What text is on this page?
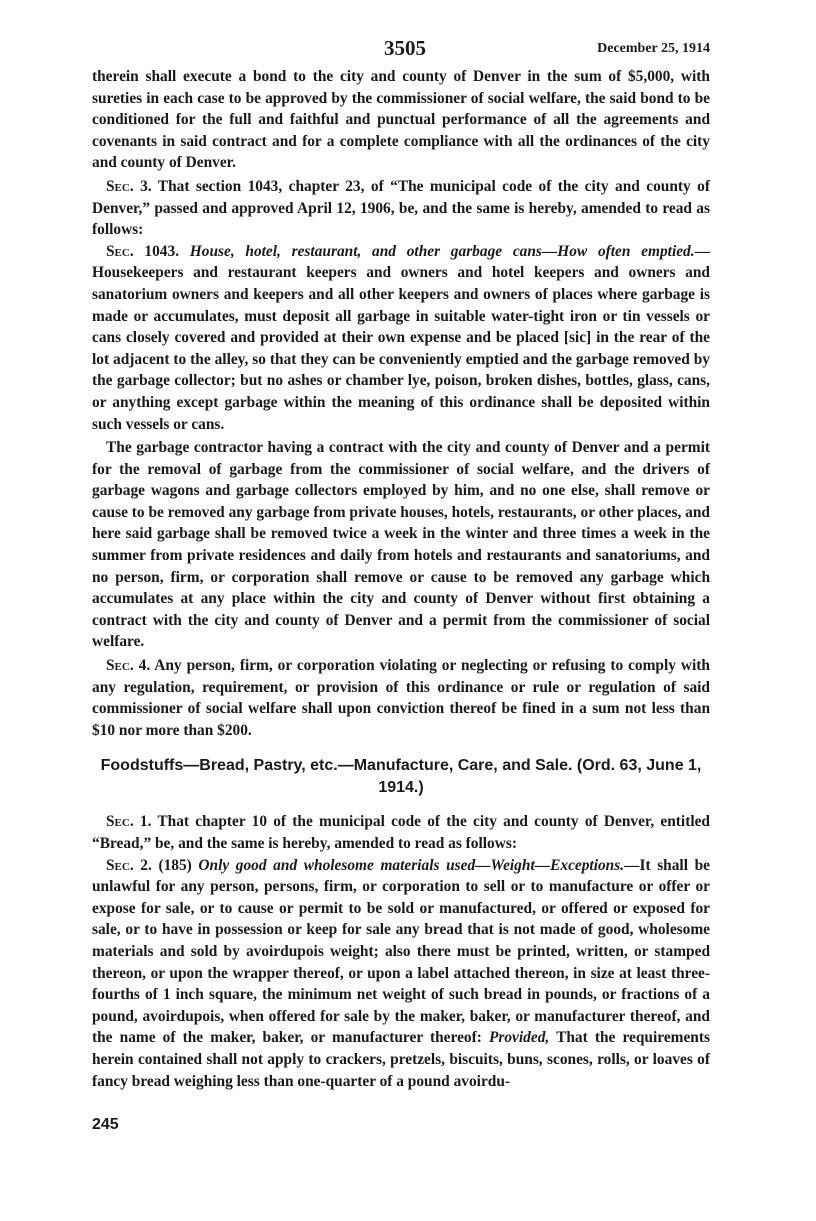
3505	December 25, 1914

therein shall execute a bond to the city and county of Denver in the sum of $5,000, with sureties in each case to be approved by the commissioner of social welfare, the said bond to be conditioned for the full and faithful and punctual performance of all the agreements and covenants in said contract and for a complete compliance with all the ordinances of the city and county of Denver.

Sec. 3. That section 1043, chapter 23, of “The municipal code of the city and county of Denver,” passed and approved April 12, 1906, be, and the same is hereby, amended to read as follows:

Sec. 1043. House, hotel, restaurant, and other garbage cans—How often emptied.—Housekeepers and restaurant keepers and owners and hotel keepers and owners and sanatorium owners and keepers and all other keepers and owners of places where garbage is made or accumulates, must deposit all garbage in suitable water-tight iron or tin vessels or cans closely covered and provided at their own expense and be placed [sic] in the rear of the lot adjacent to the alley, so that they can be conveniently emptied and the garbage removed by the garbage collector; but no ashes or chamber lye, poison, broken dishes, bottles, glass, cans, or anything except garbage within the meaning of this ordinance shall be deposited within such vessels or cans.

The garbage contractor having a contract with the city and county of Denver and a permit for the removal of garbage from the commissioner of social welfare, and the drivers of garbage wagons and garbage collectors employed by him, and no one else, shall remove or cause to be removed any garbage from private houses, hotels, restaurants, or other places, and here said garbage shall be removed twice a week in the winter and three times a week in the summer from private residences and daily from hotels and restaurants and sanatoriums, and no person, firm, or corporation shall remove or cause to be removed any garbage which accumulates at any place within the city and county of Denver without first obtaining a contract with the city and county of Denver and a permit from the commissioner of social welfare.

Sec. 4. Any person, firm, or corporation violating or neglecting or refusing to comply with any regulation, requirement, or provision of this ordinance or rule or regulation of said commissioner of social welfare shall upon conviction thereof be fined in a sum not less than $10 nor more than $200.

Foodstuffs—Bread, Pastry, etc.—Manufacture, Care, and Sale. (Ord. 63, June 1, 1914.)

Sec. 1. That chapter 10 of the municipal code of the city and county of Denver, entitled “Bread,” be, and the same is hereby, amended to read as follows:

Sec. 2. (185) Only good and wholesome materials used—Weight—Exceptions.—It shall be unlawful for any person, persons, firm, or corporation to sell or to manufacture or offer or expose for sale, or to cause or permit to be sold or manufactured, or offered or exposed for sale, or to have in possession or keep for sale any bread that is not made of good, wholesome materials and sold by avoirdupois weight; also there must be printed, written, or stamped thereon, or upon the wrapper thereof, or upon a label attached thereon, in size at least three-fourths of 1 inch square, the minimum net weight of such bread in pounds, or fractions of a pound, avoirdupois, when offered for sale by the maker, baker, or manufacturer thereof, and the name of the maker, baker, or manufacturer thereof: Provided, That the requirements herein contained shall not apply to crackers, pretzels, biscuits, buns, scones, rolls, or loaves of fancy bread weighing less than one-quarter of a pound avoirdu-

245
